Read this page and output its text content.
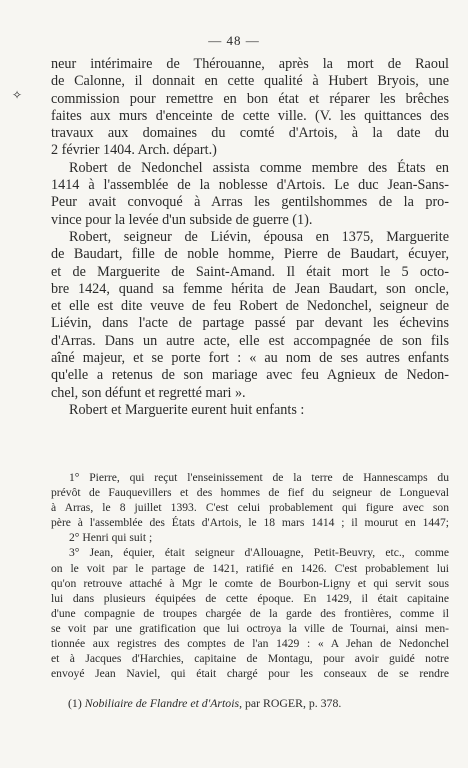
✧
— 48 —
neur intérimaire de Thérouanne, après la mort de Raoul
de Calonne, il donnait en cette qualité à Hubert Bryois, une
commission pour remettre en bon état et réparer les brêches
faites aux murs d'enceinte de cette ville. (V. les quittances des
travaux aux domaines du comté d'Artois, à la date du
2 février 1404. Arch. départ.)
Robert de Nedonchel assista comme membre des États en
1414 à l'assemblée de la noblesse d'Artois. Le duc Jean-Sans-
Peur avait convoqué à Arras les gentilshommes de la pro-
vince pour la levée d'un subside de guerre (1).
Robert, seigneur de Liévin, épousa en 1375, Marguerite
de Baudart, fille de noble homme, Pierre de Baudart, écuyer,
et de Marguerite de Saint-Amand. Il était mort le 5 octo-
bre 1424, quand sa femme hérita de Jean Baudart, son oncle,
et elle est dite veuve de feu Robert de Nedonchel, seigneur de
Liévin, dans l'acte de partage passé par devant les échevins
d'Arras. Dans un autre acte, elle est accompagnée de son fils
aîné majeur, et se porte fort : « au nom de ses autres enfants
qu'elle a retenus de son mariage avec feu Agnieux de Nedon-
chel, son défunt et regretté mari ».
Robert et Marguerite eurent huit enfants :
1° Pierre, qui reçut l'enseinissement de la terre de Hannescamps du
prévôt de Fauquevillers et des hommes de fief du seigneur de Longueval
à Arras, le 8 juillet 1393. C'est celui probablement qui figure avec son
père à l'assemblée des États d'Artois, le 18 mars 1414 ; il mourut en 1447;
2° Henri qui suit ;
3° Jean, équier, était seigneur d'Allouagne, Petit-Beuvry, etc., comme
on le voit par le partage de 1421, ratifié en 1426. C'est probablement lui
qu'on retrouve attaché à Mgr le comte de Bourbon-Ligny et qui servit sous
lui dans plusieurs équipées de cette époque. En 1429, il était capitaine
d'une compagnie de troupes chargée de la garde des frontières, comme il
se voit par une gratification que lui octroya la ville de Tournai, ainsi men-
tionnée aux registres des comptes de l'an 1429 : « A Jehan de Nedonchel
et à Jacques d'Harchies, capitaine de Montagu, pour avoir guidé notre
envoyé Jean Naviel, qui était chargé pour les conseaux de se rendre
(1) Nobiliaire de Flandre et d'Artois, par ROGER, p. 378.
